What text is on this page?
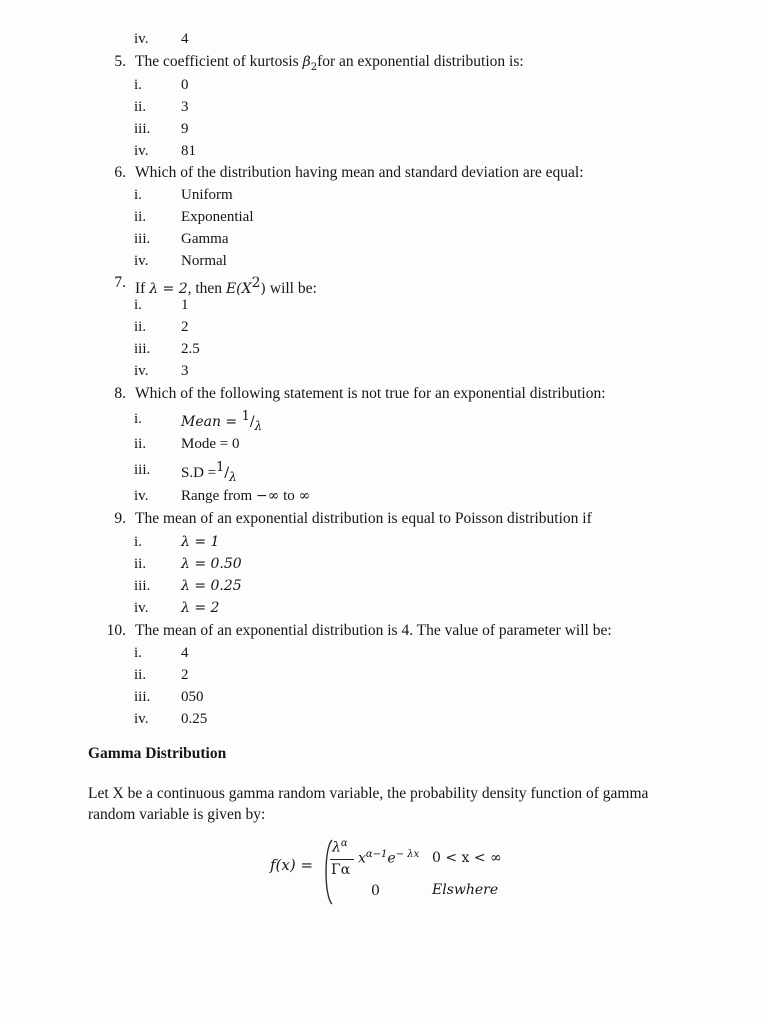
iv. 4
5. The coefficient of kurtosis $\beta_2for$ an exponential distribution is:
i.	0
ii. 3
iii. 9
iv. 81
6. Which of the distribution having mean and standard deviation are equal:
i.	Uniform
ii. Exponential
iii. Gamma
iv. Normal
7. If λ = 2, then $E(X^2)$ will be:
i.	1
ii. 2
iii. 2.5
iv. 3
8. Which of the following statement is not true for an exponential distribution:
i.	Mean = $^1/_\lambda$
ii. Mode = 0
iii. $S.D =^1/_\lambda$
iv. Range from −∞ to ∞
9. The mean of an exponential distribution is equal to Poisson distribution if
i.	λ = 1
ii. λ = 0.50
iii. λ = 0.25
iv. λ = 2
10. The mean of an exponential distribution is 4. The value of parameter will be:
i.	4
ii. 2
iii. 050
iv. 0.25
Gamma Distribution
Let X be a continuous gamma random variable, the probability density function of gamma
random variable is given by:
f(x) =
$\lambda^\alpha$
Γα
$x^{\alpha-1}e^{- \lambda x}$ 0 < x < ∞
0	Elswhere
